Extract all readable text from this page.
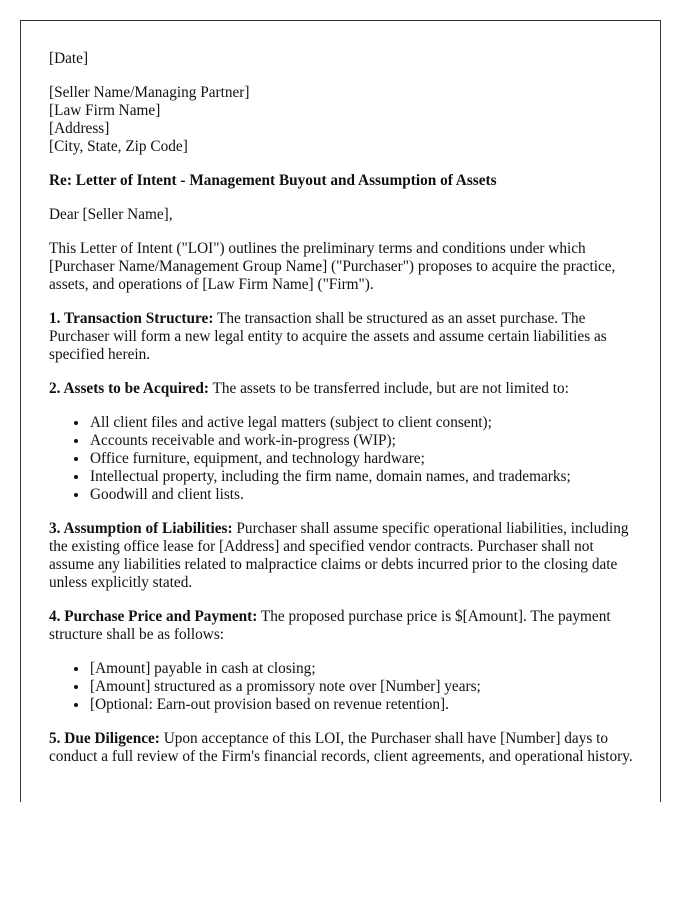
[Date]

[Seller Name/Managing Partner]
[Law Firm Name]
[Address]
[City, State, Zip Code]

Re: Letter of Intent - Management Buyout and Assumption of Assets

Dear [Seller Name],

This Letter of Intent ("LOI") outlines the preliminary terms and conditions under which [Purchaser Name/Management Group Name] ("Purchaser") proposes to acquire the practice, assets, and operations of [Law Firm Name] ("Firm").

1. Transaction Structure: The transaction shall be structured as an asset purchase. The Purchaser will form a new legal entity to acquire the assets and assume certain liabilities as specified herein.

2. Assets to be Acquired: The assets to be transferred include, but are not limited to:

• All client files and active legal matters (subject to client consent);
• Accounts receivable and work-in-progress (WIP);
• Office furniture, equipment, and technology hardware;
• Intellectual property, including the firm name, domain names, and trademarks;
• Goodwill and client lists.

3. Assumption of Liabilities: Purchaser shall assume specific operational liabilities, including the existing office lease for [Address] and specified vendor contracts. Purchaser shall not assume any liabilities related to malpractice claims or debts incurred prior to the closing date unless explicitly stated.

4. Purchase Price and Payment: The proposed purchase price is $[Amount]. The payment structure shall be as follows:

• [Amount] payable in cash at closing;
• [Amount] structured as a promissory note over [Number] years;
• [Optional: Earn-out provision based on revenue retention].

5. Due Diligence: Upon acceptance of this LOI, the Purchaser shall have [Number] days to conduct a full review of the Firm's financial records, client agreements, and operational history.
